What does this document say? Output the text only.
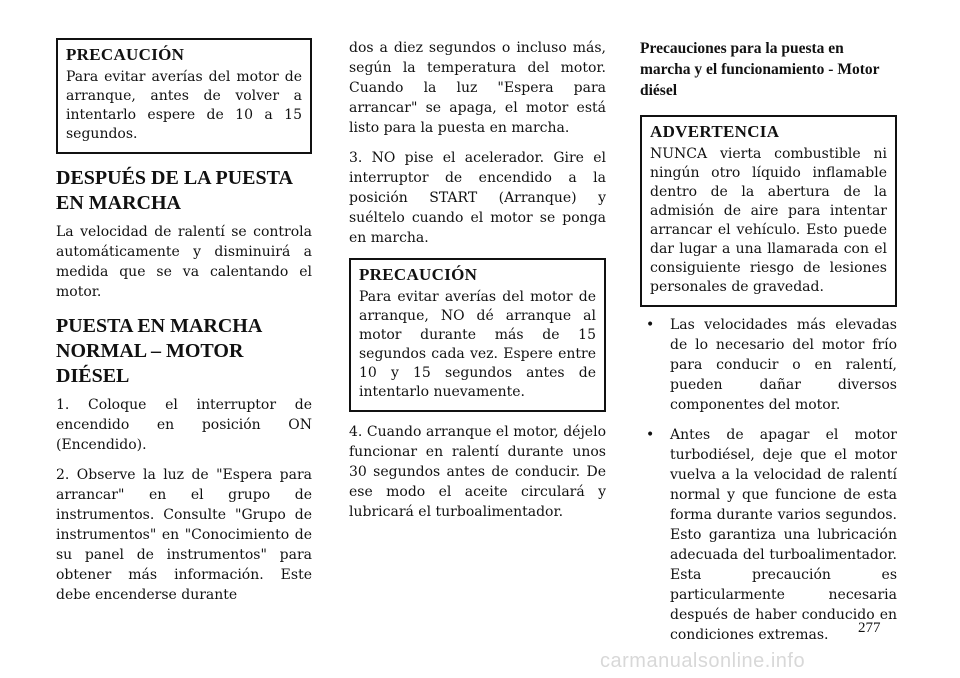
PRECAUCIÓN
Para evitar averías del motor de arranque, antes de volver a intentarlo espere de 10 a 15 segundos.
DESPUÉS DE LA PUESTA EN MARCHA

La velocidad de ralentí se controla automáticamente y disminuirá a medida que se va calentando el motor.

PUESTA EN MARCHA NORMAL – MOTOR DIÉSEL

1. Coloque el interruptor de encendido en posición ON (Encendido).

2. Observe la luz de "Espera para arrancar" en el grupo de instrumentos. Consulte "Grupo de instrumentos" en "Conocimiento de su panel de instrumentos" para obtener más información. Este debe encenderse durante

dos a diez segundos o incluso más, según la temperatura del motor. Cuando la luz "Espera para arrancar" se apaga, el motor está listo para la puesta en marcha.

3. NO pise el acelerador. Gire el interruptor de encendido a la posición START (Arranque) y suéltelo cuando el motor se ponga en marcha.

PRECAUCIÓN
Para evitar averías del motor de arranque, NO dé arranque al motor durante más de 15 segundos cada vez. Espere entre 10 y 15 segundos antes de intentarlo nuevamente.

4. Cuando arranque el motor, déjelo funcionar en ralentí durante unos 30 segundos antes de conducir. De ese modo el aceite circulará y lubricará el turboalimentador.

Precauciones para la puesta en marcha y el funcionamiento - Motor diésel
ADVERTENCIA
NUNCA vierta combustible ni ningún otro líquido inflamable dentro de la abertura de la admisión de aire para intentar arrancar el vehículo. Esto puede dar lugar a una llamarada con el consiguiente riesgo de lesiones personales de gravedad.
• Las velocidades más elevadas de lo necesario del motor frío para conducir o en ralentí, pueden dañar diversos componentes del motor.
• Antes de apagar el motor turbodiésel, deje que el motor vuelva a la velocidad de ralentí normal y que funcione de esta forma durante varios segundos. Esto garantiza una lubricación adecuada del turboalimentador. Esta precaución es particularmente necesaria después de haber conducido en condiciones extremas.	277
carmanualsonline.info
